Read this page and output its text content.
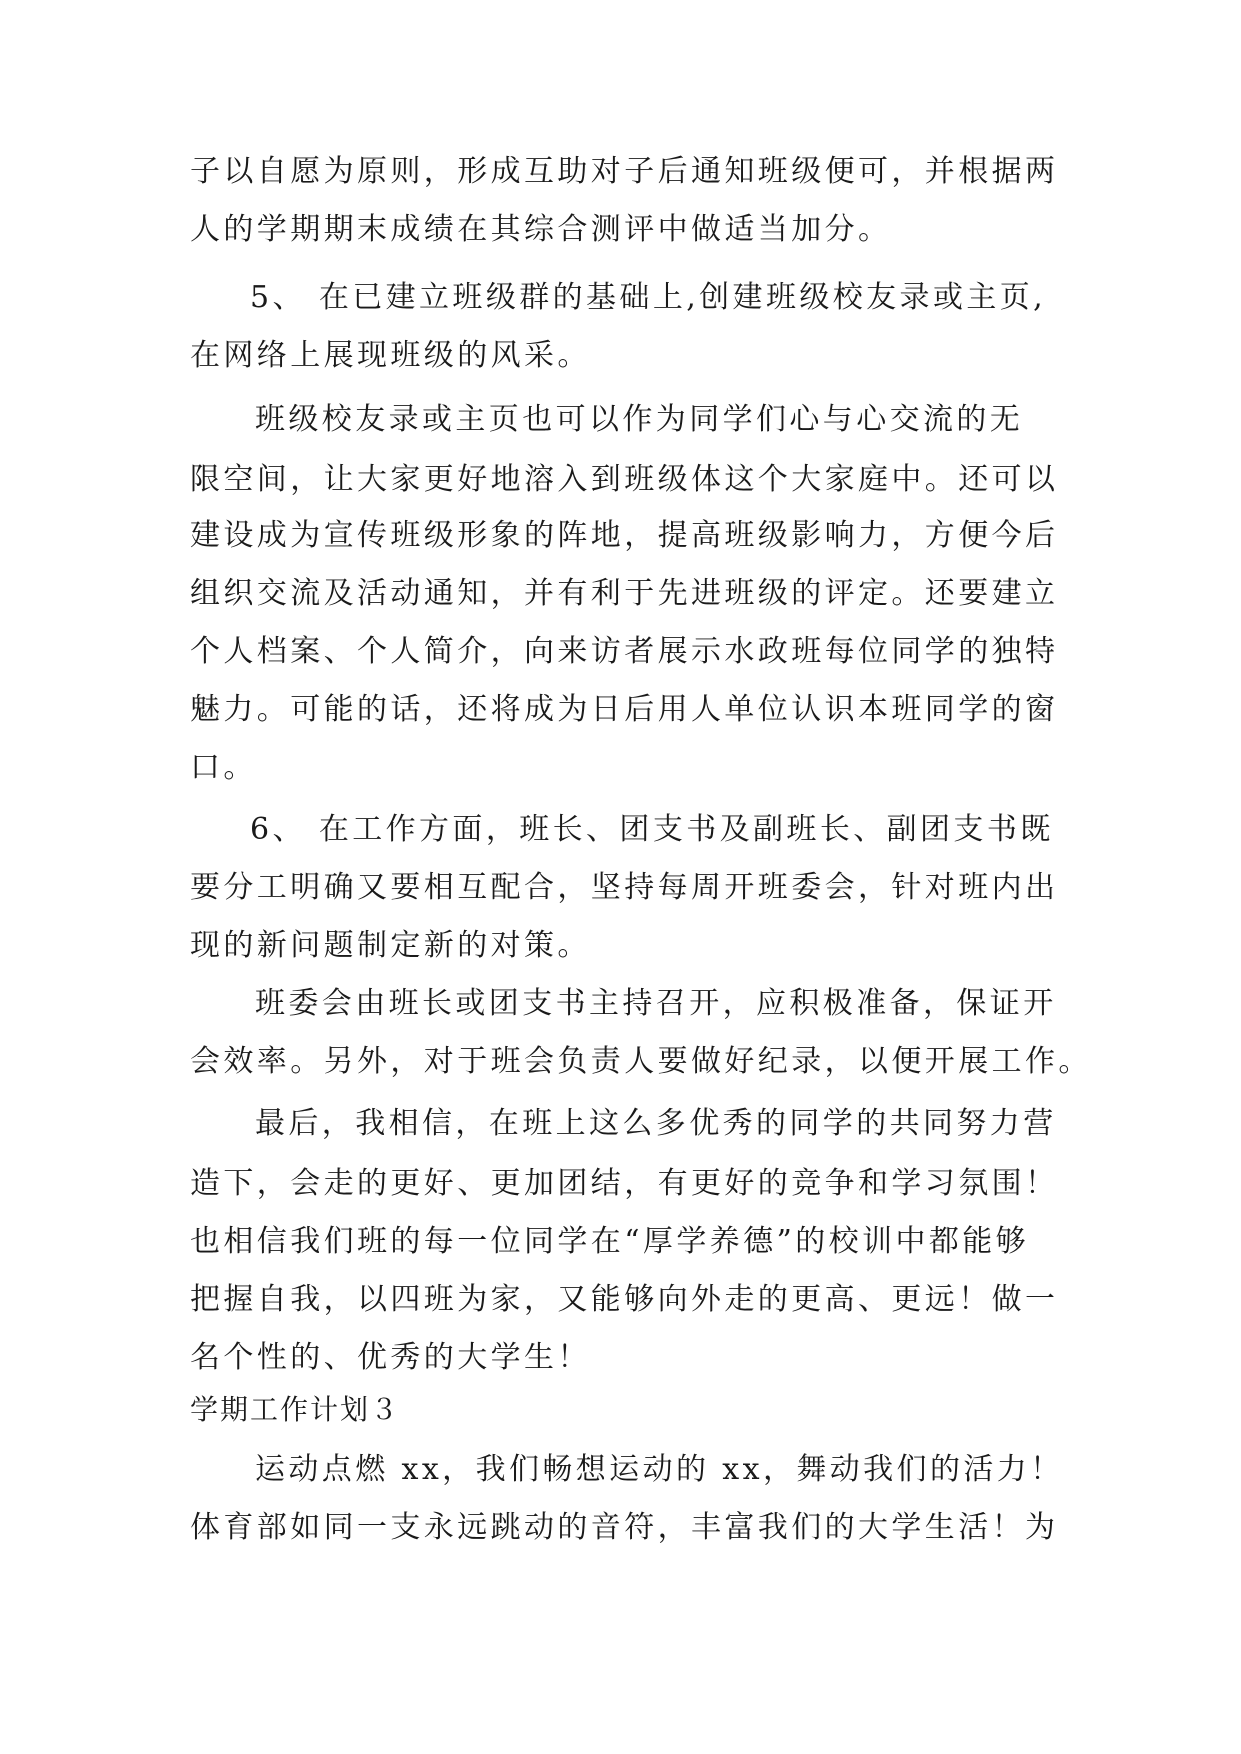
子以自愿为原则，形成互助对子后通知班级便可，并根据两
人的学期期末成绩在其综合测评中做适当加分。
5、 在已建立班级群的基础上,创建班级校友录或主页,
在网络上展现班级的风采。
班级校友录或主页也可以作为同学们心与心交流的无
限空间，让大家更好地溶入到班级体这个大家庭中。还可以
建设成为宣传班级形象的阵地，提高班级影响力，方便今后
组织交流及活动通知，并有利于先进班级的评定。还要建立
个人档案、个人简介，向来访者展示水政班每位同学的独特
魅力。可能的话，还将成为日后用人单位认识本班同学的窗
口。
6、 在工作方面，班长、团支书及副班长、副团支书既
要分工明确又要相互配合，坚持每周开班委会，针对班内出
现的新问题制定新的对策。
班委会由班长或团支书主持召开，应积极准备，保证开
会效率。另外，对于班会负责人要做好纪录，以便开展工作。
最后，我相信，在班上这么多优秀的同学的共同努力营
造下，会走的更好、更加团结，有更好的竞争和学习氛围！
也相信我们班的每一位同学在“厚学养德”的校训中都能够
把握自我，以四班为家，又能够向外走的更高、更远！做一
名个性的、优秀的大学生！
学期工作计划３
运动点燃 xx，我们畅想运动的 xx，舞动我们的活力！
体育部如同一支永远跳动的音符，丰富我们的大学生活！为
